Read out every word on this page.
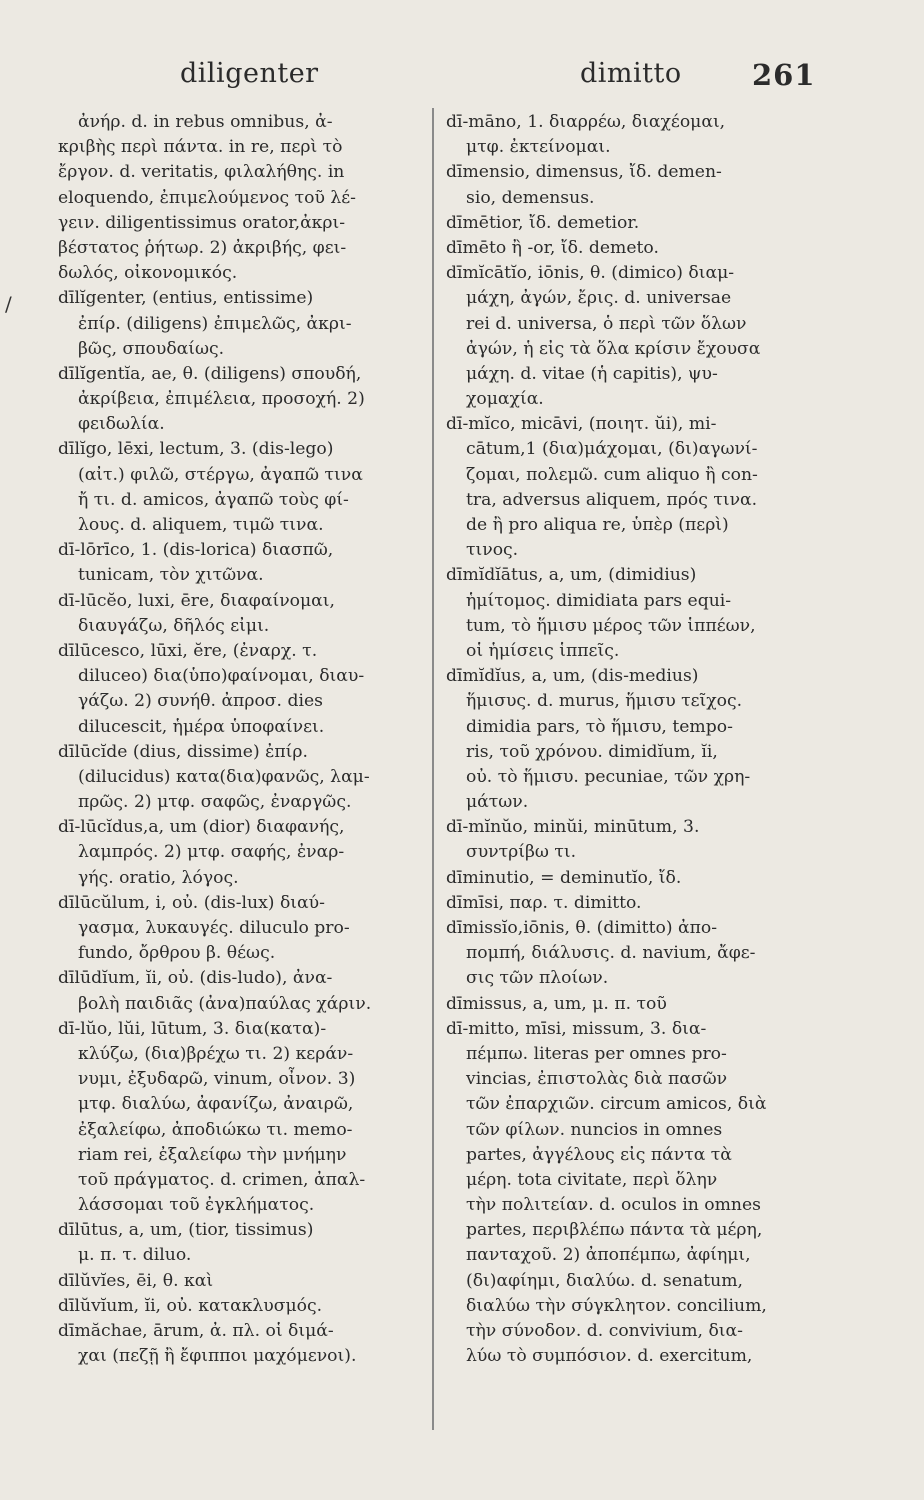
diligenter	dimitto 261
/
ἀνήρ. d. in rebus omnibus, ἀ-
κριβὴς περὶ πάντα. in re, περὶ τὸ
ἔργον. d. veritatis, φιλαλήθης. in
eloquendo, ἐπιμελούμενος τοῦ λέ-
γειν. diligentissimus orator,ἀκρι-
βέστατος ῥήτωρ. 2) ἀκριβής, φει-
δωλός, οἰκονομικός.
dīlĭgenter, (entius, entissime)
ἐπίρ. (diligens) ἐπιμελῶς, ἀκρι-
βῶς, σπουδαίως.
dīlĭgentĭa, ae, θ. (diligens) σπουδή,
ἀκρίβεια, ἐπιμέλεια, προσοχή. 2)
φειδωλία.
dīlĭgo, lēxi, lectum, 3. (dis-lego)
(αἰτ.) φιλῶ, στέργω, ἀγαπῶ τινα
ἤ τι. d. amicos, ἀγαπῶ τοὺς φί-
λους. d. aliquem, τιμῶ τινα.
dī-lōrīco, 1. (dis-lorica) διασπῶ,
tunicam, τὸν χιτῶνα.
dī-lūcĕo, luxi, ēre, διαφαίνομαι,
διαυγάζω, δῆλός εἰμι.
dīlūcesco, lūxi, ĕre, (ἐναρχ. τ.
diluceo) δια(ὑπο)φαίνομαι, διαυ-
γάζω. 2) συνήθ. ἀπροσ. dies
dilucescit, ἡμέρα ὑποφαίνει.
dīlūcĭde (dius, dissime) ἐπίρ.
(dilucidus) κατα(δια)φανῶς, λαμ-
πρῶς. 2) μτφ. σαφῶς, ἐναργῶς.
dī-lūcĭdus,a, um (dior) διαφανής,
λαμπρός. 2) μτφ. σαφής, ἐναρ-
γής. oratio, λόγος.
dīlūcŭlum, i, οὐ. (dis-lux) διαύ-
γασμα, λυκαυγές. diluculo pro-
fundo, ὄρθρου β. θέως.
dīlūdĭum, ĭi, οὐ. (dis-ludo), ἀνα-
βολὴ παιδιᾶς (ἀνα)παύλας χάριν.
dī-lŭo, lŭi, lūtum, 3. δια(κατα)-
κλύζω, (δια)βρέχω τι. 2) κεράν-
νυμι, ἐξυδαρῶ, vinum, οἶνον. 3)
μτφ. διαλύω, ἀφανίζω, ἀναιρῶ,
ἐξαλείφω, ἀποδιώκω τι. memo-
riam rei, ἐξαλείφω τὴν μνήμην
τοῦ πράγματος. d. crimen, ἀπαλ-
λάσσομαι τοῦ ἐγκλήματος.
dīlūtus, a, um, (tior, tissimus)
μ. π. τ. diluo.
dīlŭvĭes, ēi, θ. καὶ
dīlŭvĭum, ĭi, οὐ. κατακλυσμός.
dīmăchae, ārum, ἀ. πλ. οἱ διμά-
χαι (πεζῇ ἢ ἔφιπποι μαχόμενοι).
dī-māno, 1. διαρρέω, διαχέομαι,
μτφ. ἐκτείνομαι.
dīmensio, dimensus, ἴδ. demen-
sio, demensus.
dīmētior, ἴδ. demetior.
dīmēto ἢ -or, ἴδ. demeto.
dīmĭcātĭo, iōnis, θ. (dimico) διαμ-
μάχη, ἀγών, ἔρις. d. universae
rei d. universa, ὁ περὶ τῶν ὅλων
ἀγών, ἡ εἰς τὰ ὅλα κρίσιν ἔχουσα
μάχη. d. vitae (ἡ capitis), ψυ-
χομαχία.
dī-mĭco, micāvi, (ποιητ. ŭi), mi-
cātum,1 (δια)μάχομαι, (δι)αγωνί-
ζομαι, πολεμῶ. cum aliquo ἢ con-
tra, adversus aliquem, πρός τινα.
de ἢ pro aliqua re, ὑπὲρ (περὶ)
τινος.
dīmĭdĭātus, a, um, (dimidius)
ἡμίτομος. dimidiata pars equi-
tum, τὸ ἥμισυ μέρος τῶν ἱππέων,
οἱ ἡμίσεις ἱππεῖς.
dīmĭdĭus, a, um, (dis-medius)
ἥμισυς. d. murus, ἥμισυ τεῖχος.
dimidia pars, τὸ ἥμισυ, tempo-
ris, τοῦ χρόνου. dimidĭum, ĭi,
οὐ. τὸ ἥμισυ. pecuniae, τῶν χρη-
μάτων.
dī-mĭnŭo, minŭi, minūtum, 3.
συντρίβω τι.
dīminutio, = deminutĭo, ἴδ.
dīmīsi, παρ. τ. dimitto.
dīmissĭo,iōnis, θ. (dimitto) ἀπο-
πομπή, διάλυσις. d. navium, ἄφε-
σις τῶν πλοίων.
dīmissus, a, um, μ. π. τοῦ
dī-mitto, mīsi, missum, 3. δια-
πέμπω. literas per omnes pro-
vincias, ἐπιστολὰς διὰ πασῶν
τῶν ἐπαρχιῶν. circum amicos, διὰ
τῶν φίλων. nuncios in omnes
partes, ἀγγέλους εἰς πάντα τὰ
μέρη. tota civitate, περὶ ὅλην
τὴν πολιτείαν. d. oculos in omnes
partes, περιβλέπω πάντα τὰ μέρη,
πανταχοῦ. 2) ἀποπέμπω, ἀφίημι,
(δι)αφίημι, διαλύω. d. senatum,
διαλύω τὴν σύγκλητον. concilium,
τὴν σύνοδον. d. convivium, δια-
λύω τὸ συμπόσιον. d. exercitum,
